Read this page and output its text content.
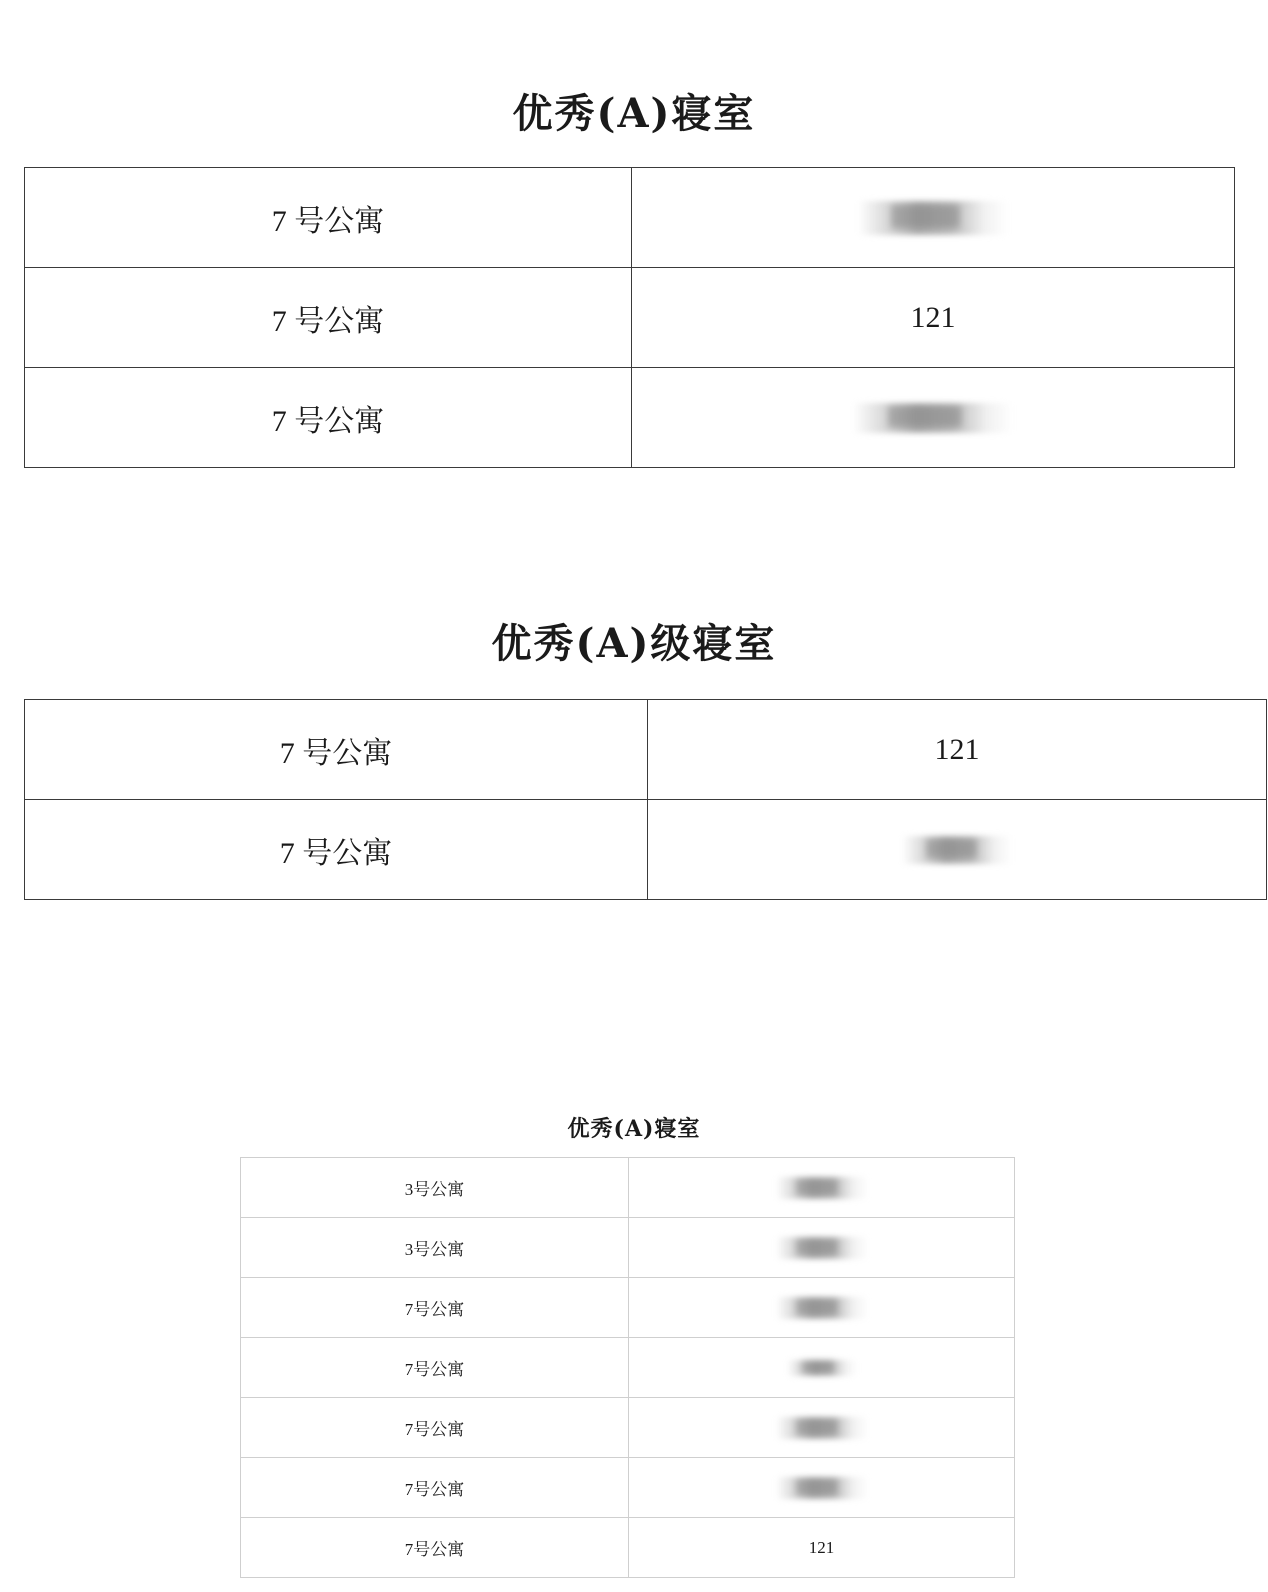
优秀(A)寝室
7 号公寓	

7 号公寓	121
7 号公寓	
优秀(A)级寝室
7 号公寓	121
7 号公寓	
优秀(A)寝室
3号公寓	

3号公寓	

7号公寓	

7号公寓	

7号公寓	

7号公寓	

7号公寓	121
